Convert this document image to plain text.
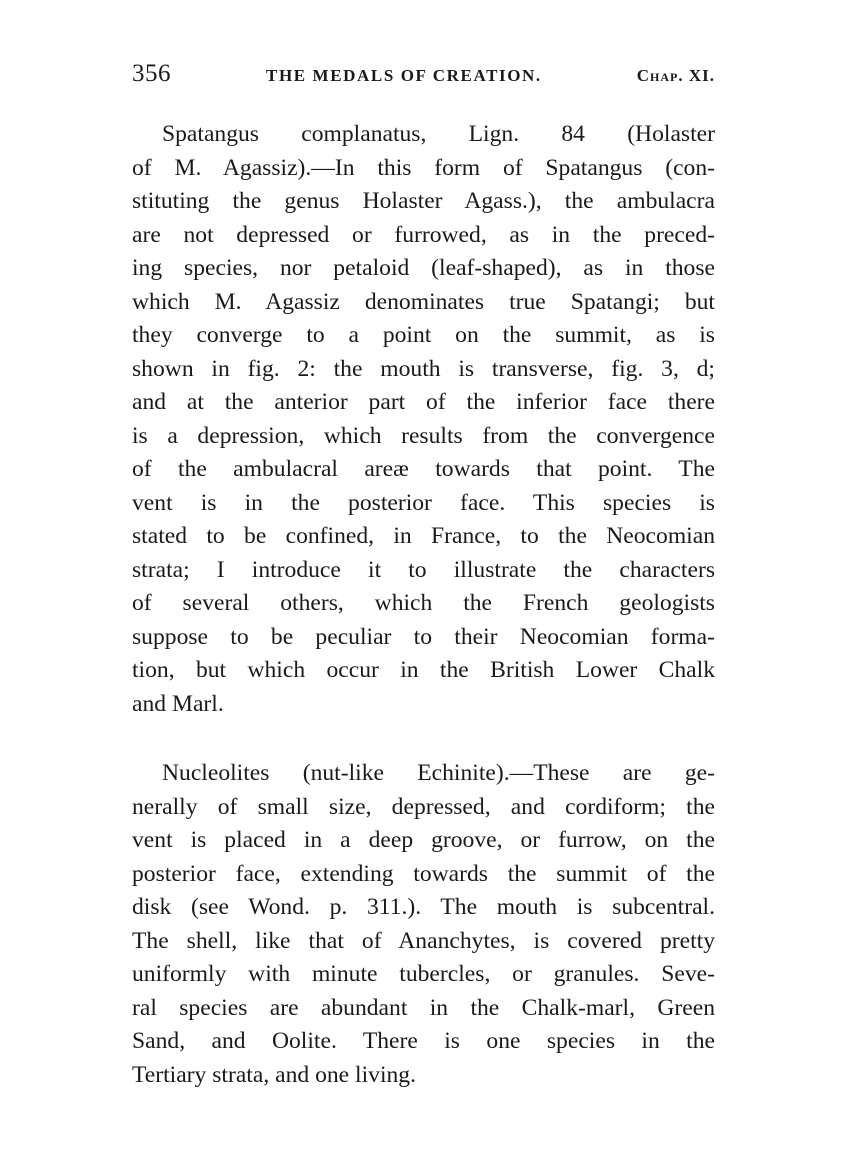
356	THE MEDALS OF CREATION.	Chap. XI.

Spatangus complanatus, Lign. 84 (Holaster
of M. Agassiz).—In this form of Spatangus (con-
stituting the genus Holaster Agass.), the ambulacra
are not depressed or furrowed, as in the preced-
ing species, nor petaloid (leaf-shaped), as in those
which M. Agassiz denominates true Spatangi; but
they converge to a point on the summit, as is
shown in fig. 2: the mouth is transverse, fig. 3, d;
and at the anterior part of the inferior face there
is a depression, which results from the convergence
of the ambulacral areæ towards that point. The
vent is in the posterior face. This species is
stated to be confined, in France, to the Neocomian
strata; I introduce it to illustrate the characters
of several others, which the French geologists
suppose to be peculiar to their Neocomian forma-
tion, but which occur in the British Lower Chalk
and Marl.

Nucleolites (nut-like Echinite).—These are ge-
nerally of small size, depressed, and cordiform; the
vent is placed in a deep groove, or furrow, on the
posterior face, extending towards the summit of the
disk (see Wond. p. 311.). The mouth is subcentral.
The shell, like that of Ananchytes, is covered pretty
uniformly with minute tubercles, or granules. Seve-
ral species are abundant in the Chalk-marl, Green
Sand, and Oolite. There is one species in the
Tertiary strata, and one living.
